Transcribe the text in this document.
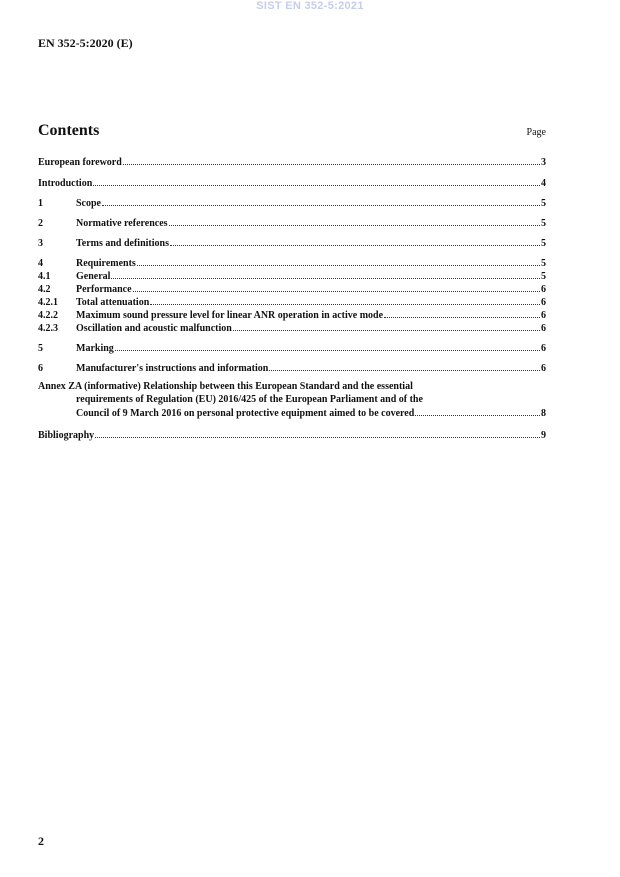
SIST EN 352-5:2021
EN 352-5:2020 (E)
Contents	Page
European foreword	3
Introduction	4
1	Scope	5
2	Normative references	5
3	Terms and definitions	5
4	Requirements	5
4.1	General	5
4.2	Performance	6
4.2.1	Total attenuation	6
4.2.2	Maximum sound pressure level for linear ANR operation in active mode	6
4.2.3	Oscillation and acoustic malfunction	6
5	Marking	6
6	Manufacturer's instructions and information	6
Annex ZA (informative) Relationship between this European Standard and the essential
requirements of Regulation (EU) 2016/425 of the European Parliament and of the
Council of 9 March 2016 on personal protective equipment aimed to be covered	8
Bibliography	9
2
